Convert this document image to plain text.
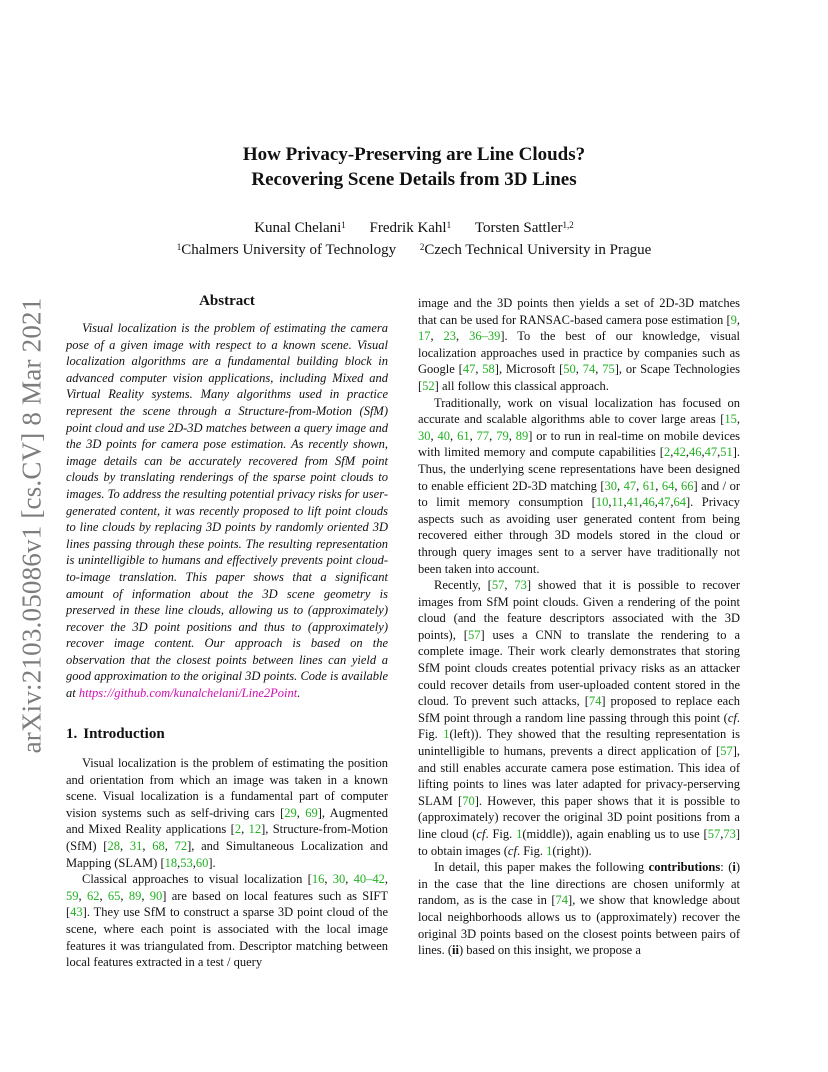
arXiv:2103.05086v1 [cs.CV] 8 Mar 2021
How Privacy-Preserving are Line Clouds?
Recovering Scene Details from 3D Lines
Kunal Chelani$^1$ Fredrik Kahl$^1$ Torsten Sattler$^{1,2}$
$^1$Chalmers University of Technology	$^2$Czech Technical University in Prague
Abstract
Visual localization is the problem of estimating the camera pose of a given image with respect to a known scene. Visual localization algorithms are a fundamental building block in advanced computer vision applications, including Mixed and Virtual Reality systems. Many algorithms used in practice represent the scene through a Structure-from-Motion (SfM) point cloud and use 2D-3D matches between a query image and the 3D points for camera pose estimation. As recently shown, image details can be accurately recovered from SfM point clouds by translating renderings of the sparse point clouds to images. To address the resulting potential privacy risks for user-generated content, it was recently proposed to lift point clouds to line clouds by replacing 3D points by randomly oriented 3D lines passing through these points. The resulting representation is unintelligible to humans and effectively prevents point cloud-to-image translation. This paper shows that a significant amount of information about the 3D scene geometry is preserved in these line clouds, allowing us to (approximately) recover the 3D point positions and thus to (approximately) recover image content. Our approach is based on the observation that the closest points between lines can yield a good approximation to the original 3D points. Code is available at https://github.com/kunalchelani/Line2Point.
1. Introduction

Visual localization is the problem of estimating the position and orientation from which an image was taken in a known scene. Visual localization is a fundamental part of computer vision systems such as self-driving cars [29, 69], Augmented and Mixed Reality applications [2, 12], Structure-from-Motion (SfM) [28, 31, 68, 72], and Simultaneous Localization and Mapping (SLAM) [18,53,60].

Classical approaches to visual localization [16, 30, 40–42, 59, 62, 65, 89, 90] are based on local features such as SIFT [43]. They use SfM to construct a sparse 3D point cloud of the scene, where each point is associated with the local image features it was triangulated from. Descriptor matching between local features extracted in a test / query

image and the 3D points then yields a set of 2D-3D matches that can be used for RANSAC-based camera pose estimation [9, 17, 23, 36–39]. To the best of our knowledge, visual localization approaches used in practice by companies such as Google [47, 58], Microsoft [50, 74, 75], or Scape Technologies [52] all follow this classical approach.

Traditionally, work on visual localization has focused on accurate and scalable algorithms able to cover large areas [15, 30, 40, 61, 77, 79, 89] or to run in real-time on mobile devices with limited memory and compute capabilities [2,42,46,47,51]. Thus, the underlying scene representations have been designed to enable efficient 2D-3D matching [30, 47, 61, 64, 66] and / or to limit memory consumption [10,11,41,46,47,64]. Privacy aspects such as avoiding user generated content from being recovered either through 3D models stored in the cloud or through query images sent to a server have traditionally not been taken into account.

Recently, [57, 73] showed that it is possible to recover images from SfM point clouds. Given a rendering of the point cloud (and the feature descriptors associated with the 3D points), [57] uses a CNN to translate the rendering to a complete image. Their work clearly demonstrates that storing SfM point clouds creates potential privacy risks as an attacker could recover details from user-uploaded content stored in the cloud. To prevent such attacks, [74] proposed to replace each SfM point through a random line passing through this point (cf. Fig. 1(left)). They showed that the resulting representation is unintelligible to humans, prevents a direct application of [57], and still enables accurate camera pose estimation. This idea of lifting points to lines was later adapted for privacy-perserving SLAM [70]. However, this paper shows that it is possible to (approximately) recover the original 3D point positions from a line cloud (cf. Fig. 1(middle)), again enabling us to use [57,73] to obtain images (cf. Fig. 1(right)).

In detail, this paper makes the following contributions: (i) in the case that the line directions are chosen uniformly at random, as is the case in [74], we show that knowledge about local neighborhoods allows us to (approximately) recover the original 3D points based on the closest points between pairs of lines. (ii) based on this insight, we propose a
